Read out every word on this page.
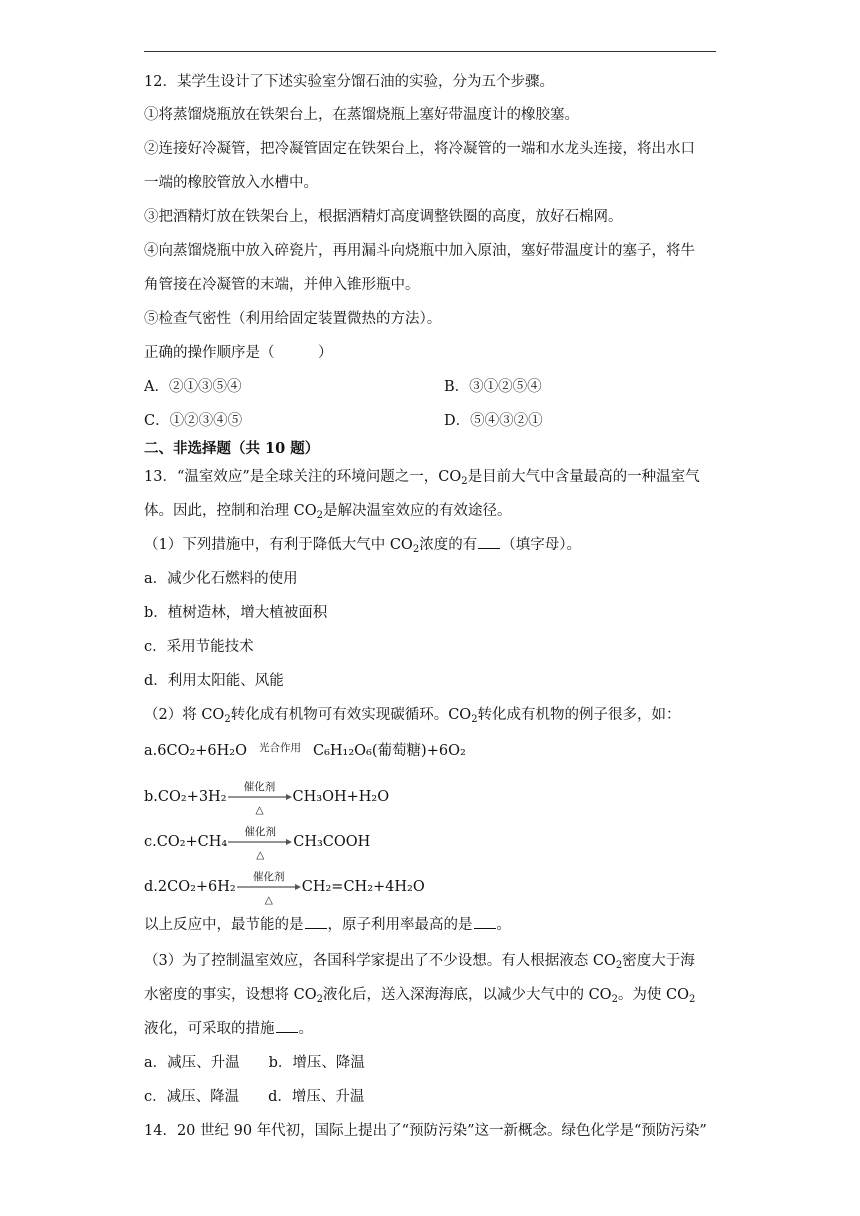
12．某学生设计了下述实验室分馏石油的实验，分为五个步骤。
①将蒸馏烧瓶放在铁架台上，在蒸馏烧瓶上塞好带温度计的橡胶塞。
②连接好冷凝管，把冷凝管固定在铁架台上，将冷凝管的一端和水龙头连接，将出水口
一端的橡胶管放入水槽中。
③把酒精灯放在铁架台上，根据酒精灯高度调整铁圈的高度，放好石棉网。
④向蒸馏烧瓶中放入碎瓷片，再用漏斗向烧瓶中加入原油，塞好带温度计的塞子，将牛
角管接在冷凝管的末端，并伸入锥形瓶中。
⑤检查气密性（利用给固定装置微热的方法）。
正确的操作顺序是（　　　）
A．②①③⑤④	B．③①②⑤④
C．①②③④⑤	D．⑤④③②①
二、非选择题（共 10 题）
13．“温室效应”是全球关注的环境问题之一，$CO_2$是目前大气中含量最高的一种温室气
体。因此，控制和治理 $CO_2$是解决温室效应的有效途径。
（1）下列措施中，有利于降低大气中 $CO_2$浓度的有 （填字母）。
a．减少化石燃料的使用
b．植树造林，增大植被面积
c．采用节能技术
d．利用太阳能、风能
（2）将 $CO_2$转化成有机物可有效实现碳循环。$CO_2$转化成有机物的例子很多，如：
a.6CO₂+6H₂O	光合作用 C₆H₁₂O₆(葡萄糖)+6O₂
b.CO₂+3H₂
催化剂
△
CH₃OH+H₂O
c.CO₂+CH₄
催化剂
△
CH₃COOH
d.2CO₂+6H₂
催化剂
△
CH₂=CH₂+4H₂O
以上反应中，最节能的是 ，原子利用率最高的是 。
（3）为了控制温室效应，各国科学家提出了不少设想。有人根据液态 $CO_2$密度大于海
水密度的事实，设想将 $CO_2$液化后，送入深海海底，以减少大气中的 $CO_2$。为使 $CO_2$
液化，可采取的措施 。
a．减压、升温　　b．增压、降温
c．减压、降温　　d．增压、升温
14．20 世纪 90 年代初，国际上提出了“预防污染”这一新概念。绿色化学是“预防污染”
